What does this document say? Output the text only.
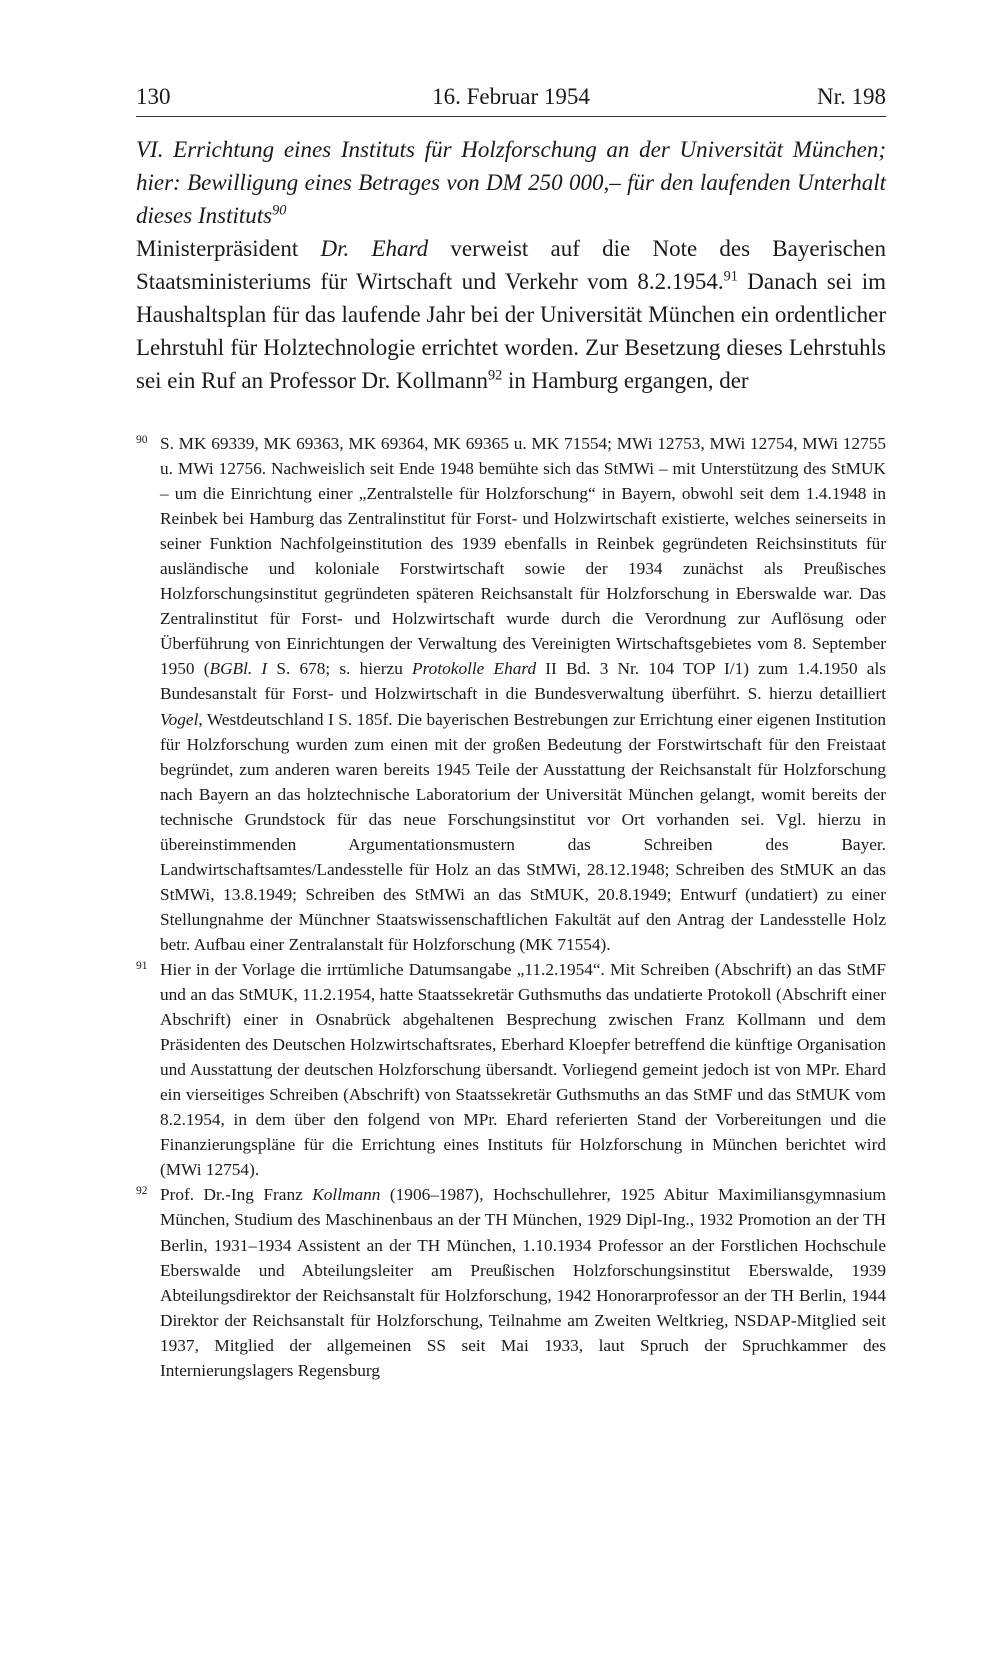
130	16. Februar 1954	Nr. 198
VI. Errichtung eines Instituts für Holzforschung an der Universität München; hier: Bewilligung eines Betrages von DM 250 000,– für den laufenden Unterhalt dieses Instituts$^{90}$
Ministerpräsident Dr. Ehard verweist auf die Note des Bayerischen Staatsministeriums für Wirtschaft und Verkehr vom 8.2.1954.91 Danach sei im Haushaltsplan für das laufende Jahr bei der Universität München ein ordentlicher Lehrstuhl für Holztechnologie errichtet worden. Zur Besetzung dieses Lehrstuhls sei ein Ruf an Professor Dr. Kollmann$^{92}$ in Hamburg ergangen, der

90 S. MK 69339, MK 69363, MK 69364, MK 69365 u. MK 71554; MWi 12753, MWi 12754, MWi 12755 u. MWi 12756. Nachweislich seit Ende 1948 bemühte sich das StMWi – mit Unterstützung des StMUK – um die Einrichtung einer „Zentralstelle für Holzforschung“ in Bayern, obwohl seit dem 1.4.1948 in Reinbek bei Hamburg das Zentralinstitut für Forst- und Holzwirtschaft existierte, welches seinerseits in seiner Funktion Nachfolgeinstitution des 1939 ebenfalls in Reinbek gegründeten Reichsinstituts für ausländische und koloniale Forstwirtschaft sowie der 1934 zunächst als Preußisches Holzforschungsinstitut gegründeten späteren Reichsanstalt für Holzforschung in Eberswalde war. Das Zentralinstitut für Forst- und Holzwirtschaft wurde durch die Verordnung zur Auflösung oder Überführung von Einrichtungen der Verwaltung des Vereinigten Wirtschaftsgebietes vom 8. September 1950 (BGBl. I S. 678; s. hierzu Protokolle Ehard II Bd. 3 Nr. 104 TOP I/1) zum 1.4.1950 als Bundesanstalt für Forst- und Holzwirtschaft in die Bundesverwaltung überführt. S. hierzu detailliert Vogel, Westdeutschland I S. 185f. Die bayerischen Bestrebungen zur Errichtung einer eigenen Institution für Holzforschung wurden zum einen mit der großen Bedeutung der Forstwirtschaft für den Freistaat begründet, zum anderen waren bereits 1945 Teile der Ausstattung der Reichsanstalt für Holzforschung nach Bayern an das holztechnische Laboratorium der Universität München gelangt, womit bereits der technische Grundstock für das neue Forschungsinstitut vor Ort vorhanden sei. Vgl. hierzu in übereinstimmenden Argumentationsmustern das Schreiben des Bayer. Landwirtschaftsamtes/Landesstelle für Holz an das StMWi, 28.12.1948; Schreiben des StMUK an das StMWi, 13.8.1949; Schreiben des StMWi an das StMUK, 20.8.1949; Entwurf (undatiert) zu einer Stellungnahme der Münchner Staatswissenschaftlichen Fakultät auf den Antrag der Landesstelle Holz betr. Aufbau einer Zentralanstalt für Holzforschung (MK 71554).

91 Hier in der Vorlage die irrtümliche Datumsangabe „11.2.1954“. Mit Schreiben (Abschrift) an das StMF und an das StMUK, 11.2.1954, hatte Staatssekretär Guthsmuths das undatierte Protokoll (Abschrift einer Abschrift) einer in Osnabrück abgehaltenen Besprechung zwischen Franz Kollmann und dem Präsidenten des Deutschen Holzwirtschaftsrates, Eberhard Kloepfer betreffend die künftige Organisation und Ausstattung der deutschen Holzforschung übersandt. Vorliegend gemeint jedoch ist von MPr. Ehard ein vierseitiges Schreiben (Abschrift) von Staatssekretär Guthsmuths an das StMF und das StMUK vom 8.2.1954, in dem über den folgend von MPr. Ehard referierten Stand der Vorbereitungen und die Finanzierungspläne für die Errichtung eines Instituts für Holzforschung in München berichtet wird (MWi 12754).

92 Prof. Dr.-Ing Franz Kollmann (1906–1987), Hochschullehrer, 1925 Abitur Maximiliansgymnasium München, Studium des Maschinenbaus an der TH München, 1929 Dipl-Ing., 1932 Promotion an der TH Berlin, 1931–1934 Assistent an der TH München, 1.10.1934 Professor an der Forstlichen Hochschule Eberswalde und Abteilungsleiter am Preußischen Holzforschungsinstitut Eberswalde, 1939 Abteilungsdirektor der Reichsanstalt für Holzforschung, 1942 Honorarprofessor an der TH Berlin, 1944 Direktor der Reichsanstalt für Holzforschung, Teilnahme am Zweiten Weltkrieg, NSDAP-Mitglied seit 1937, Mitglied der allgemeinen SS seit Mai 1933, laut Spruch der Spruchkammer des Internierungslagers Regensburg
